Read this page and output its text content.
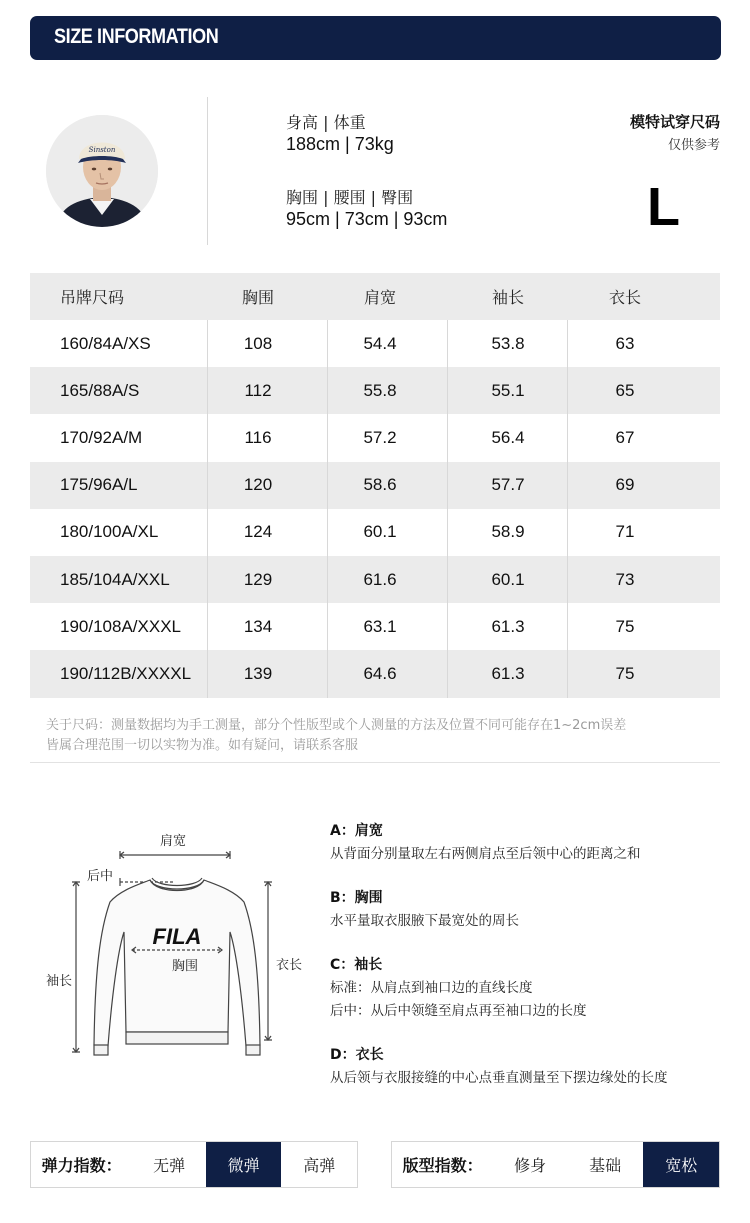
SIZE INFORMATION
Sinston
身高 | 体重
188cm | 73kg
胸围 | 腰围 | 臀围
95cm | 73cm | 93cm
模特试穿尺码
仅供参考
L
吊牌尺码	胸围	肩宽	袖长	衣长
160/84A/XS	108	54.4	53.8	63
165/88A/S	112	55.8	55.1	65
170/92A/M	116	57.2	56.4	67
175/96A/L	120	58.6	57.7	69
180/100A/XL	124	60.1	58.9	71
185/104A/XXL	129	61.6	60.1	73
190/108A/XXXL	134	63.1	61.3	75
190/112B/XXXXL	139	64.6	61.3	75
关于尺码：测量数据均为手工测量，部分个性版型或个人测量的方法及位置不同可能存在1~2cm误差
皆属合理范围一切以实物为准。如有疑问，请联系客服
FILA
肩宽
后中
袖长
胸围	衣长
A：肩宽
从背面分别量取左右两侧肩点至后领中心的距离之和
B：胸围
水平量取衣服腋下最宽处的周长
C：袖长
标准：从肩点到袖口边的直线长度
后中：从后中领缝至肩点再至袖口边的长度
D：衣长
从后领与衣服接缝的中心点垂直测量至下摆边缘处的长度
弹力指数：	无弹	微弹	高弹	版型指数：	修身	基础	宽松
